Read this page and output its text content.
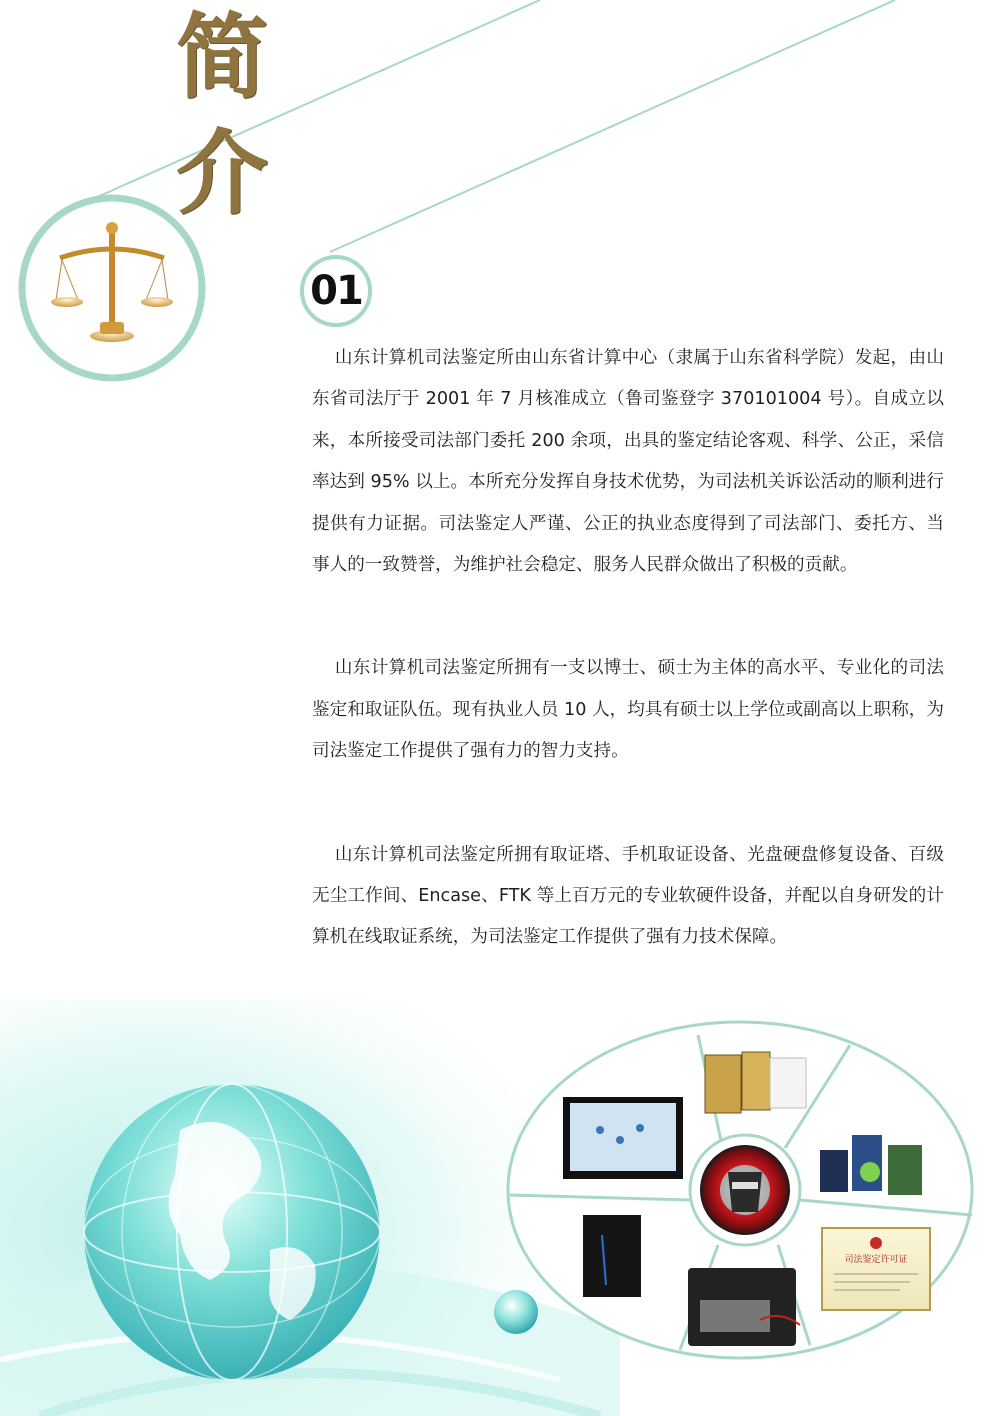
司法鉴定许可证
简
介
01

山东计算机司法鉴定所由山东省计算中心（隶属于山东省科学院）发起，由山东省司法厅于 2001 年 7 月核准成立（鲁司鉴登字 370101004 号）。自成立以来，本所接受司法部门委托 200 余项，出具的鉴定结论客观、科学、公正，采信率达到 95% 以上。本所充分发挥自身技术优势，为司法机关诉讼活动的顺利进行提供有力证据。司法鉴定人严谨、公正的执业态度得到了司法部门、委托方、当事人的一致赞誉，为维护社会稳定、服务人民群众做出了积极的贡献。

山东计算机司法鉴定所拥有一支以博士、硕士为主体的高水平、专业化的司法鉴定和取证队伍。现有执业人员 10 人，均具有硕士以上学位或副高以上职称，为司法鉴定工作提供了强有力的智力支持。

山东计算机司法鉴定所拥有取证塔、手机取证设备、光盘硬盘修复设备、百级无尘工作间、Encase、FTK 等上百万元的专业软硬件设备，并配以自身研发的计算机在线取证系统，为司法鉴定工作提供了强有力技术保障。
